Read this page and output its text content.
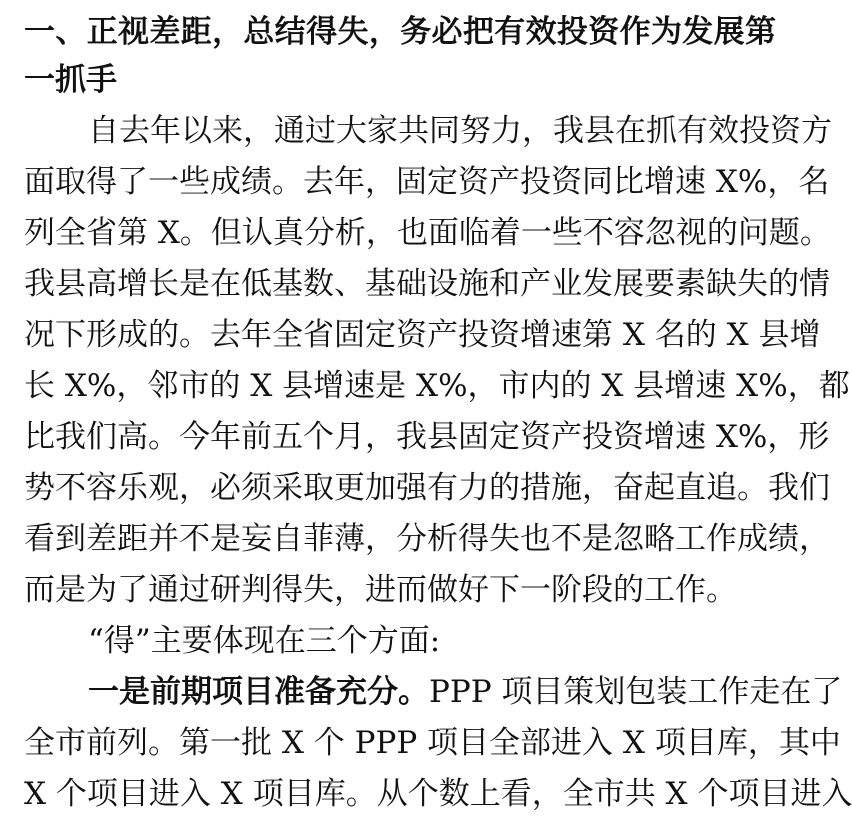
一、正视差距，总结得失，务必把有效投资作为发展第
一抓手
自去年以来，通过大家共同努力，我县在抓有效投资方
面取得了一些成绩。去年，固定资产投资同比增速 X%，名
列全省第 X。但认真分析，也面临着一些不容忽视的问题。
我县高增长是在低基数、基础设施和产业发展要素缺失的情
况下形成的。去年全省固定资产投资增速第 X 名的 X 县增
长 X%，邻市的 X 县增速是 X%，市内的 X 县增速 X%，都
比我们高。今年前五个月，我县固定资产投资增速 X%，形
势不容乐观，必须采取更加强有力的措施，奋起直追。我们
看到差距并不是妄自菲薄，分析得失也不是忽略工作成绩，
而是为了通过研判得失，进而做好下一阶段的工作。
“得”主要体现在三个方面:
一是前期项目准备充分。PPP 项目策划包装工作走在了
全市前列。第一批 X 个 PPP 项目全部进入 X 项目库，其中
X 个项目进入 X 项目库。从个数上看，全市共 X 个项目进入
